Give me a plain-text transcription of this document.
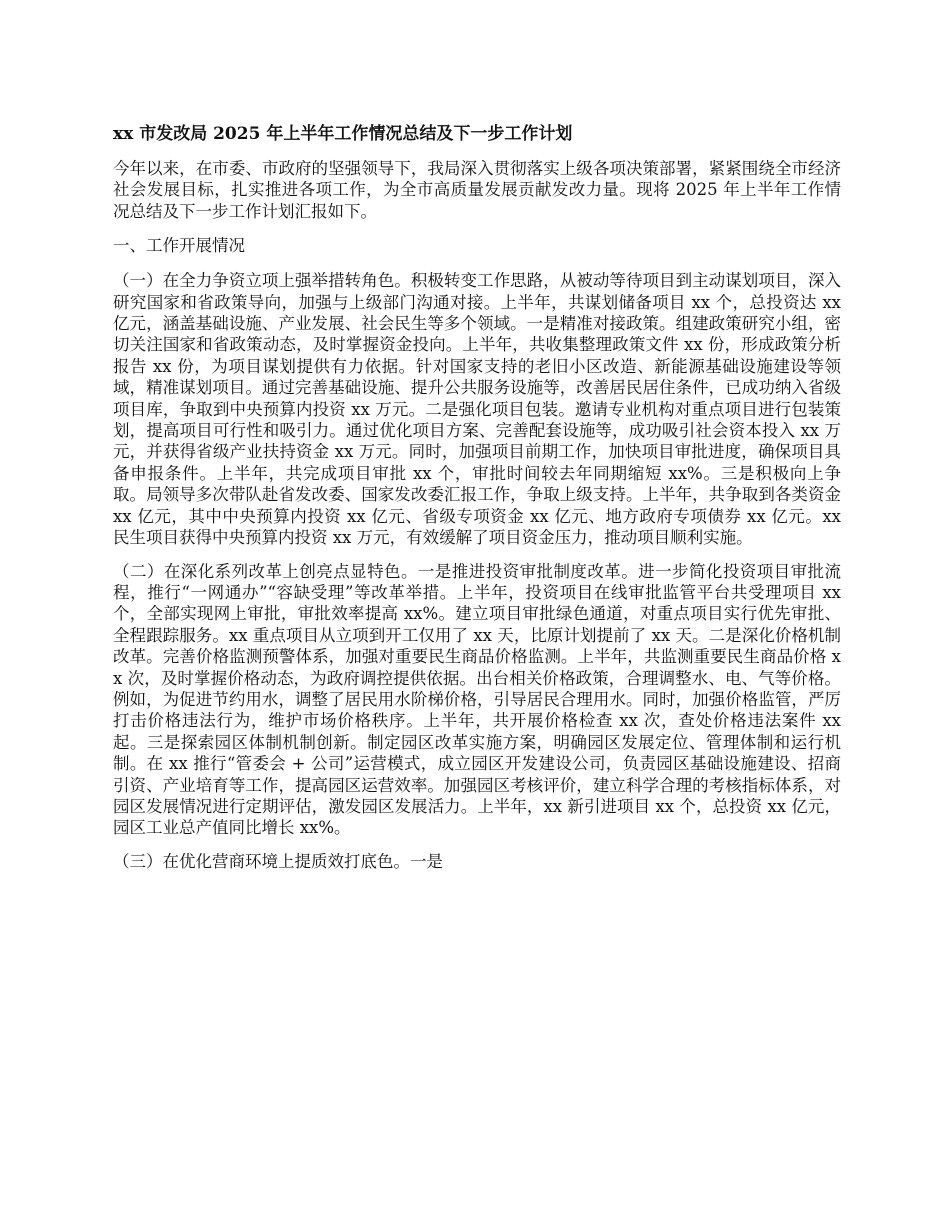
xx 市发改局 2025 年上半年工作情况总结及下一步工作计划
今年以来，在市委、市政府的坚强领导下，我局深入贯彻落实上级各项决策部署，紧紧围绕全市经济社会发展目标，扎实推进各项工作，为全市高质量发展贡献发改力量。现将 2025 年上半年工作情况总结及下一步工作计划汇报如下。
一、工作开展情况
（一）在全力争资立项上强举措转角色。积极转变工作思路，从被动等待项目到主动谋划项目，深入研究国家和省政策导向，加强与上级部门沟通对接。上半年，共谋划储备项目 xx 个，总投资达 xx 亿元，涵盖基础设施、产业发展、社会民生等多个领域。一是精准对接政策。组建政策研究小组，密切关注国家和省政策动态，及时掌握资金投向。上半年，共收集整理政策文件 xx 份，形成政策分析报告 xx 份，为项目谋划提供有力依据。针对国家支持的老旧小区改造、新能源基础设施建设等领域，精准谋划项目。通过完善基础设施、提升公共服务设施等，改善居民居住条件，已成功纳入省级项目库，争取到中央预算内投资 xx 万元。二是强化项目包装。邀请专业机构对重点项目进行包装策划，提高项目可行性和吸引力。通过优化项目方案、完善配套设施等，成功吸引社会资本投入 xx 万元，并获得省级产业扶持资金 xx 万元。同时，加强项目前期工作，加快项目审批进度，确保项目具备申报条件。上半年，共完成项目审批 xx 个，审批时间较去年同期缩短 xx%。三是积极向上争取。局领导多次带队赴省发改委、国家发改委汇报工作，争取上级支持。上半年，共争取到各类资金 xx 亿元，其中中央预算内投资 xx 亿元、省级专项资金 xx 亿元、地方政府专项债券 xx 亿元。xx 民生项目获得中央预算内投资 xx 万元，有效缓解了项目资金压力，推动项目顺利实施。
（二）在深化系列改革上创亮点显特色。一是推进投资审批制度改革。进一步简化投资项目审批流程，推行“一网通办”“容缺受理”等改革举措。上半年，投资项目在线审批监管平台共受理项目 xx 个，全部实现网上审批，审批效率提高 xx%。建立项目审批绿色通道，对重点项目实行优先审批、全程跟踪服务。xx 重点项目从立项到开工仅用了 xx 天，比原计划提前了 xx 天。二是深化价格机制改革。完善价格监测预警体系，加强对重要民生商品价格监测。上半年，共监测重要民生商品价格 xx 次，及时掌握价格动态，为政府调控提供依据。出台相关价格政策，合理调整水、电、气等价格。例如，为促进节约用水，调整了居民用水阶梯价格，引导居民合理用水。同时，加强价格监管，严厉打击价格违法行为，维护市场价格秩序。上半年，共开展价格检查 xx 次，查处价格违法案件 xx 起。三是探索园区体制机制创新。制定园区改革实施方案，明确园区发展定位、管理体制和运行机制。在 xx 推行“管委会 + 公司”运营模式，成立园区开发建设公司，负责园区基础设施建设、招商引资、产业培育等工作，提高园区运营效率。加强园区考核评价，建立科学合理的考核指标体系，对园区发展情况进行定期评估，激发园区发展活力。上半年，xx 新引进项目 xx 个，总投资 xx 亿元，园区工业总产值同比增长 xx%。
（三）在优化营商环境上提质效打底色。一是
